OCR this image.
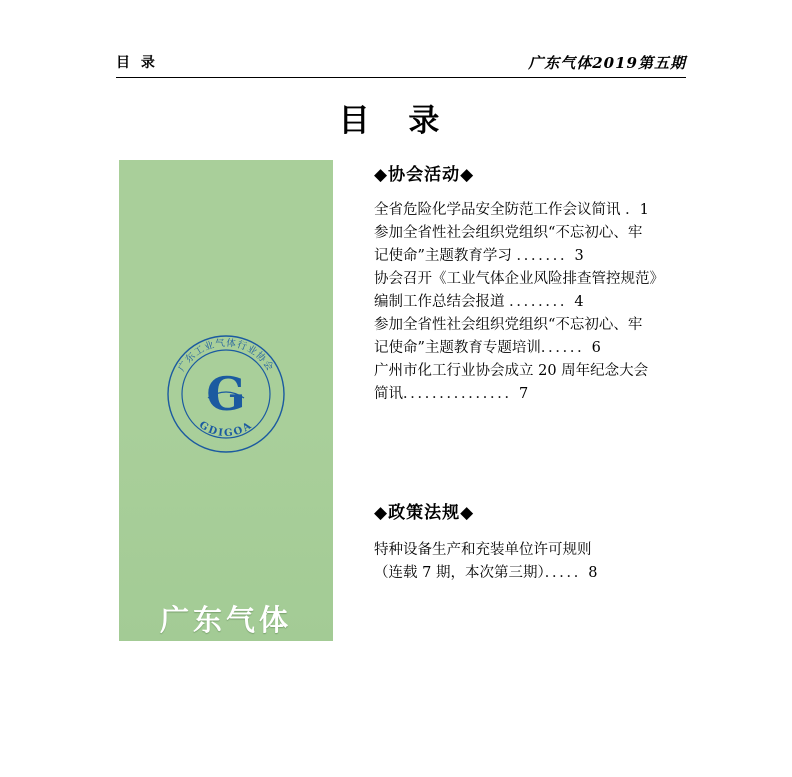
目 录	广东气体2019第五期
目 录
广东工业气体行业协会
GDIGOA
G
广东气体
（双月刊）
内部刊物 免费赠阅
2019 年第五期
◆协会活动◆
全省危险化学品安全防范工作会议简讯 ．1
参加全省性社会组织党组织“不忘初心、牢
记使命”主题教育学习 ．．．．．．．3
协会召开《工业气体企业风险排查管控规范》
编制工作总结会报道 ．．．．．．．．4
参加全省性社会组织党组织“不忘初心、牢
记使命”主题教育专题培训．．．．．．6
广州市化工行业协会成立 20 周年纪念大会
简讯．．．．．．．．．．．．．．．7
◆政策法规◆
特种设备生产和充装单位许可规则
（连载 7 期，本次第三期）．．．．．8
